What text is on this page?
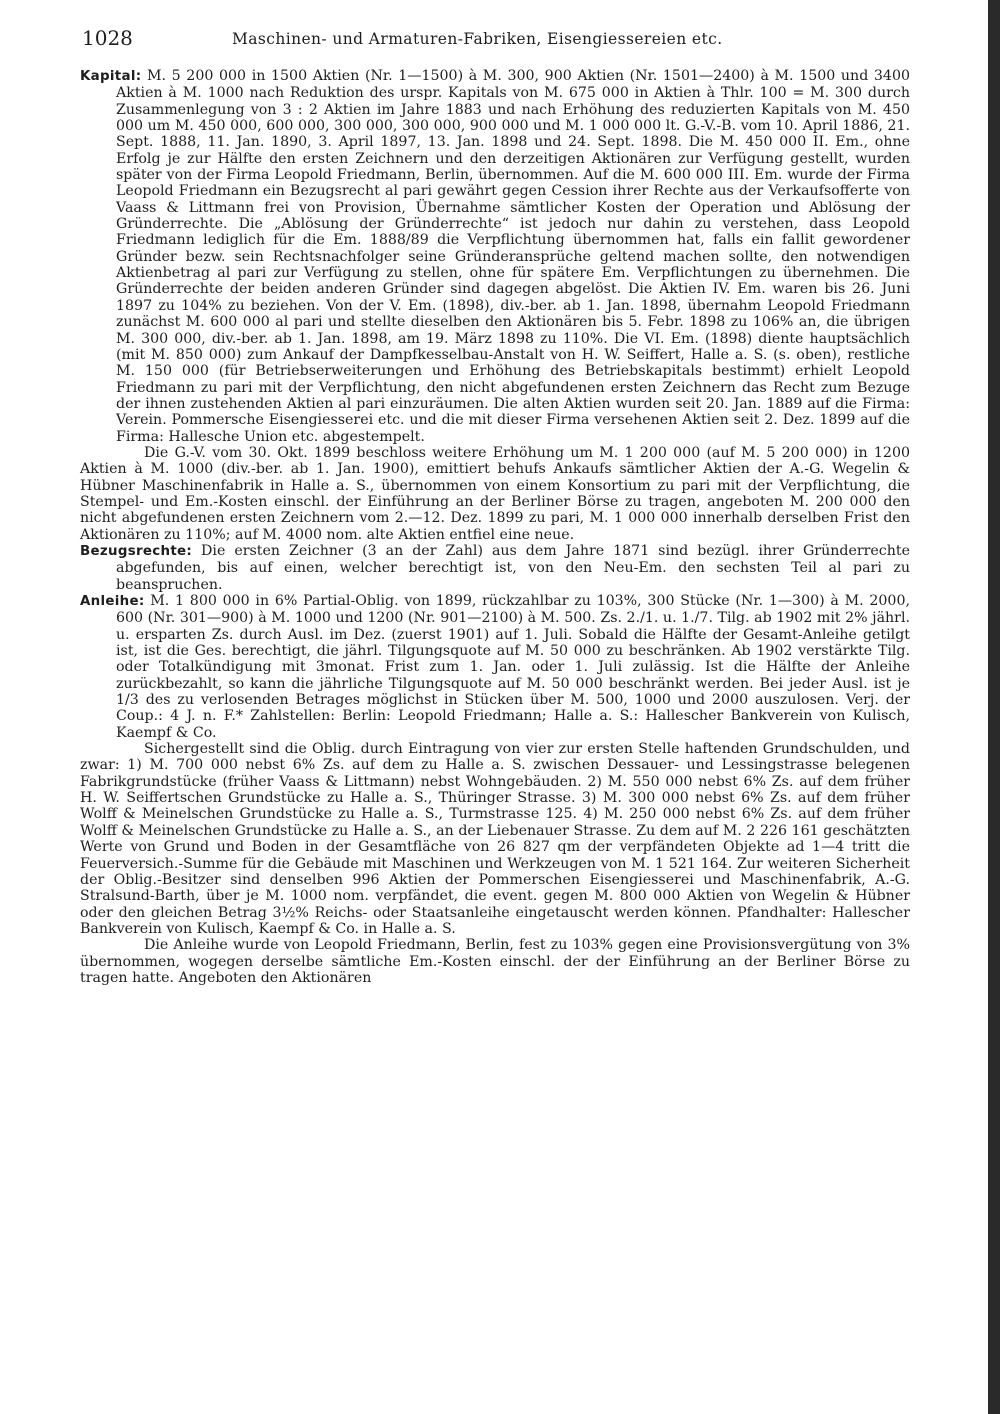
1028	Maschinen- und Armaturen-Fabriken, Eisengiessereien etc.

Kapital: M. 5 200 000 in 1500 Aktien (Nr. 1—1500) à M. 300, 900 Aktien (Nr. 1501—2400) à M. 1500 und 3400 Aktien à M. 1000 nach Reduktion des urspr. Kapitals von M. 675 000 in Aktien à Thlr. 100 = M. 300 durch Zusammenlegung von 3 : 2 Aktien im Jahre 1883 und nach Erhöhung des reduzierten Kapitals von M. 450 000 um M. 450 000, 600 000, 300 000, 300 000, 900 000 und M. 1 000 000 lt. G.-V.-B. vom 10. April 1886, 21. Sept. 1888, 11. Jan. 1890, 3. April 1897, 13. Jan. 1898 und 24. Sept. 1898. Die M. 450 000 II. Em., ohne Erfolg je zur Hälfte den ersten Zeichnern und den derzeitigen Aktionären zur Verfügung gestellt, wurden später von der Firma Leopold Friedmann, Berlin, übernommen. Auf die M. 600 000 III. Em. wurde der Firma Leopold Friedmann ein Bezugsrecht al pari gewährt gegen Cession ihrer Rechte aus der Verkaufsofferte von Vaass & Littmann frei von Provision, Übernahme sämtlicher Kosten der Operation und Ablösung der Gründerrechte. Die „Ablösung der Gründerrechte“ ist jedoch nur dahin zu verstehen, dass Leopold Friedmann lediglich für die Em. 1888/89 die Verpflichtung übernommen hat, falls ein fallit gewordener Gründer bezw. sein Rechtsnachfolger seine Gründeransprüche geltend machen sollte, den notwendigen Aktienbetrag al pari zur Verfügung zu stellen, ohne für spätere Em. Verpflichtungen zu übernehmen. Die Gründerrechte der beiden anderen Gründer sind dagegen abgelöst. Die Aktien IV. Em. waren bis 26. Juni 1897 zu 104% zu beziehen. Von der V. Em. (1898), div.-ber. ab 1. Jan. 1898, übernahm Leopold Friedmann zunächst M. 600 000 al pari und stellte dieselben den Aktionären bis 5. Febr. 1898 zu 106% an, die übrigen M. 300 000, div.-ber. ab 1. Jan. 1898, am 19. März 1898 zu 110%. Die VI. Em. (1898) diente hauptsächlich (mit M. 850 000) zum Ankauf der Dampfkesselbau-Anstalt von H. W. Seiffert, Halle a. S. (s. oben), restliche M. 150 000 (für Betriebserweiterungen und Erhöhung des Betriebskapitals bestimmt) erhielt Leopold Friedmann zu pari mit der Verpflichtung, den nicht abgefundenen ersten Zeichnern das Recht zum Bezuge der ihnen zustehenden Aktien al pari einzuräumen. Die alten Aktien wurden seit 20. Jan. 1889 auf die Firma: Verein. Pommersche Eisengiesserei etc. und die mit dieser Firma versehenen Aktien seit 2. Dez. 1899 auf die Firma: Hallesche Union etc. abgestempelt.

Die G.-V. vom 30. Okt. 1899 beschloss weitere Erhöhung um M. 1 200 000 (auf M. 5 200 000) in 1200 Aktien à M. 1000 (div.-ber. ab 1. Jan. 1900), emittiert behufs Ankaufs sämtlicher Aktien der A.-G. Wegelin & Hübner Maschinenfabrik in Halle a. S., übernommen von einem Konsortium zu pari mit der Verpflichtung, die Stempel- und Em.-Kosten einschl. der Einführung an der Berliner Börse zu tragen, angeboten M. 200 000 den nicht abgefundenen ersten Zeichnern vom 2.—12. Dez. 1899 zu pari, M. 1 000 000 innerhalb derselben Frist den Aktionären zu 110%; auf M. 4000 nom. alte Aktien entfiel eine neue.

Bezugsrechte: Die ersten Zeichner (3 an der Zahl) aus dem Jahre 1871 sind bezügl. ihrer Gründerrechte abgefunden, bis auf einen, welcher berechtigt ist, von den Neu-Em. den sechsten Teil al pari zu beanspruchen.

Anleihe: M. 1 800 000 in 6% Partial-Oblig. von 1899, rückzahlbar zu 103%, 300 Stücke (Nr. 1—300) à M. 2000, 600 (Nr. 301—900) à M. 1000 und 1200 (Nr. 901—2100) à M. 500. Zs. 2./1. u. 1./7. Tilg. ab 1902 mit 2% jährl. u. ersparten Zs. durch Ausl. im Dez. (zuerst 1901) auf 1. Juli. Sobald die Hälfte der Gesamt-Anleihe getilgt ist, ist die Ges. berechtigt, die jährl. Tilgungsquote auf M. 50 000 zu beschränken. Ab 1902 verstärkte Tilg. oder Totalkündigung mit 3monat. Frist zum 1. Jan. oder 1. Juli zulässig. Ist die Hälfte der Anleihe zurückbezahlt, so kann die jährliche Tilgungsquote auf M. 50 000 beschränkt werden. Bei jeder Ausl. ist je 1/3 des zu verlosenden Betrages möglichst in Stücken über M. 500, 1000 und 2000 auszulosen. Verj. der Coup.: 4 J. n. F.* Zahlstellen: Berlin: Leopold Friedmann; Halle a. S.: Hallescher Bankverein von Kulisch, Kaempf & Co.

Sichergestellt sind die Oblig. durch Eintragung von vier zur ersten Stelle haftenden Grundschulden, und zwar: 1) M. 700 000 nebst 6% Zs. auf dem zu Halle a. S. zwischen Dessauer- und Lessingstrasse belegenen Fabrikgrundstücke (früher Vaass & Littmann) nebst Wohngebäuden. 2) M. 550 000 nebst 6% Zs. auf dem früher H. W. Seiffertschen Grundstücke zu Halle a. S., Thüringer Strasse. 3) M. 300 000 nebst 6% Zs. auf dem früher Wolff & Meinelschen Grundstücke zu Halle a. S., Turmstrasse 125. 4) M. 250 000 nebst 6% Zs. auf dem früher Wolff & Meinelschen Grundstücke zu Halle a. S., an der Liebenauer Strasse. Zu dem auf M. 2 226 161 geschätzten Werte von Grund und Boden in der Gesamtfläche von 26 827 qm der verpfändeten Objekte ad 1—4 tritt die Feuerversich.-Summe für die Gebäude mit Maschinen und Werkzeugen von M. 1 521 164. Zur weiteren Sicherheit der Oblig.-Besitzer sind denselben 996 Aktien der Pommerschen Eisengiesserei und Maschinenfabrik, A.-G. Stralsund-Barth, über je M. 1000 nom. verpfändet, die event. gegen M. 800 000 Aktien von Wegelin & Hübner oder den gleichen Betrag 3½% Reichs- oder Staatsanleihe eingetauscht werden können. Pfandhalter: Hallescher Bankverein von Kulisch, Kaempf & Co. in Halle a. S.

Die Anleihe wurde von Leopold Friedmann, Berlin, fest zu 103% gegen eine Provisionsvergütung von 3% übernommen, wogegen derselbe sämtliche Em.-Kosten einschl. der der Einführung an der Berliner Börse zu tragen hatte. Angeboten den Aktionären
